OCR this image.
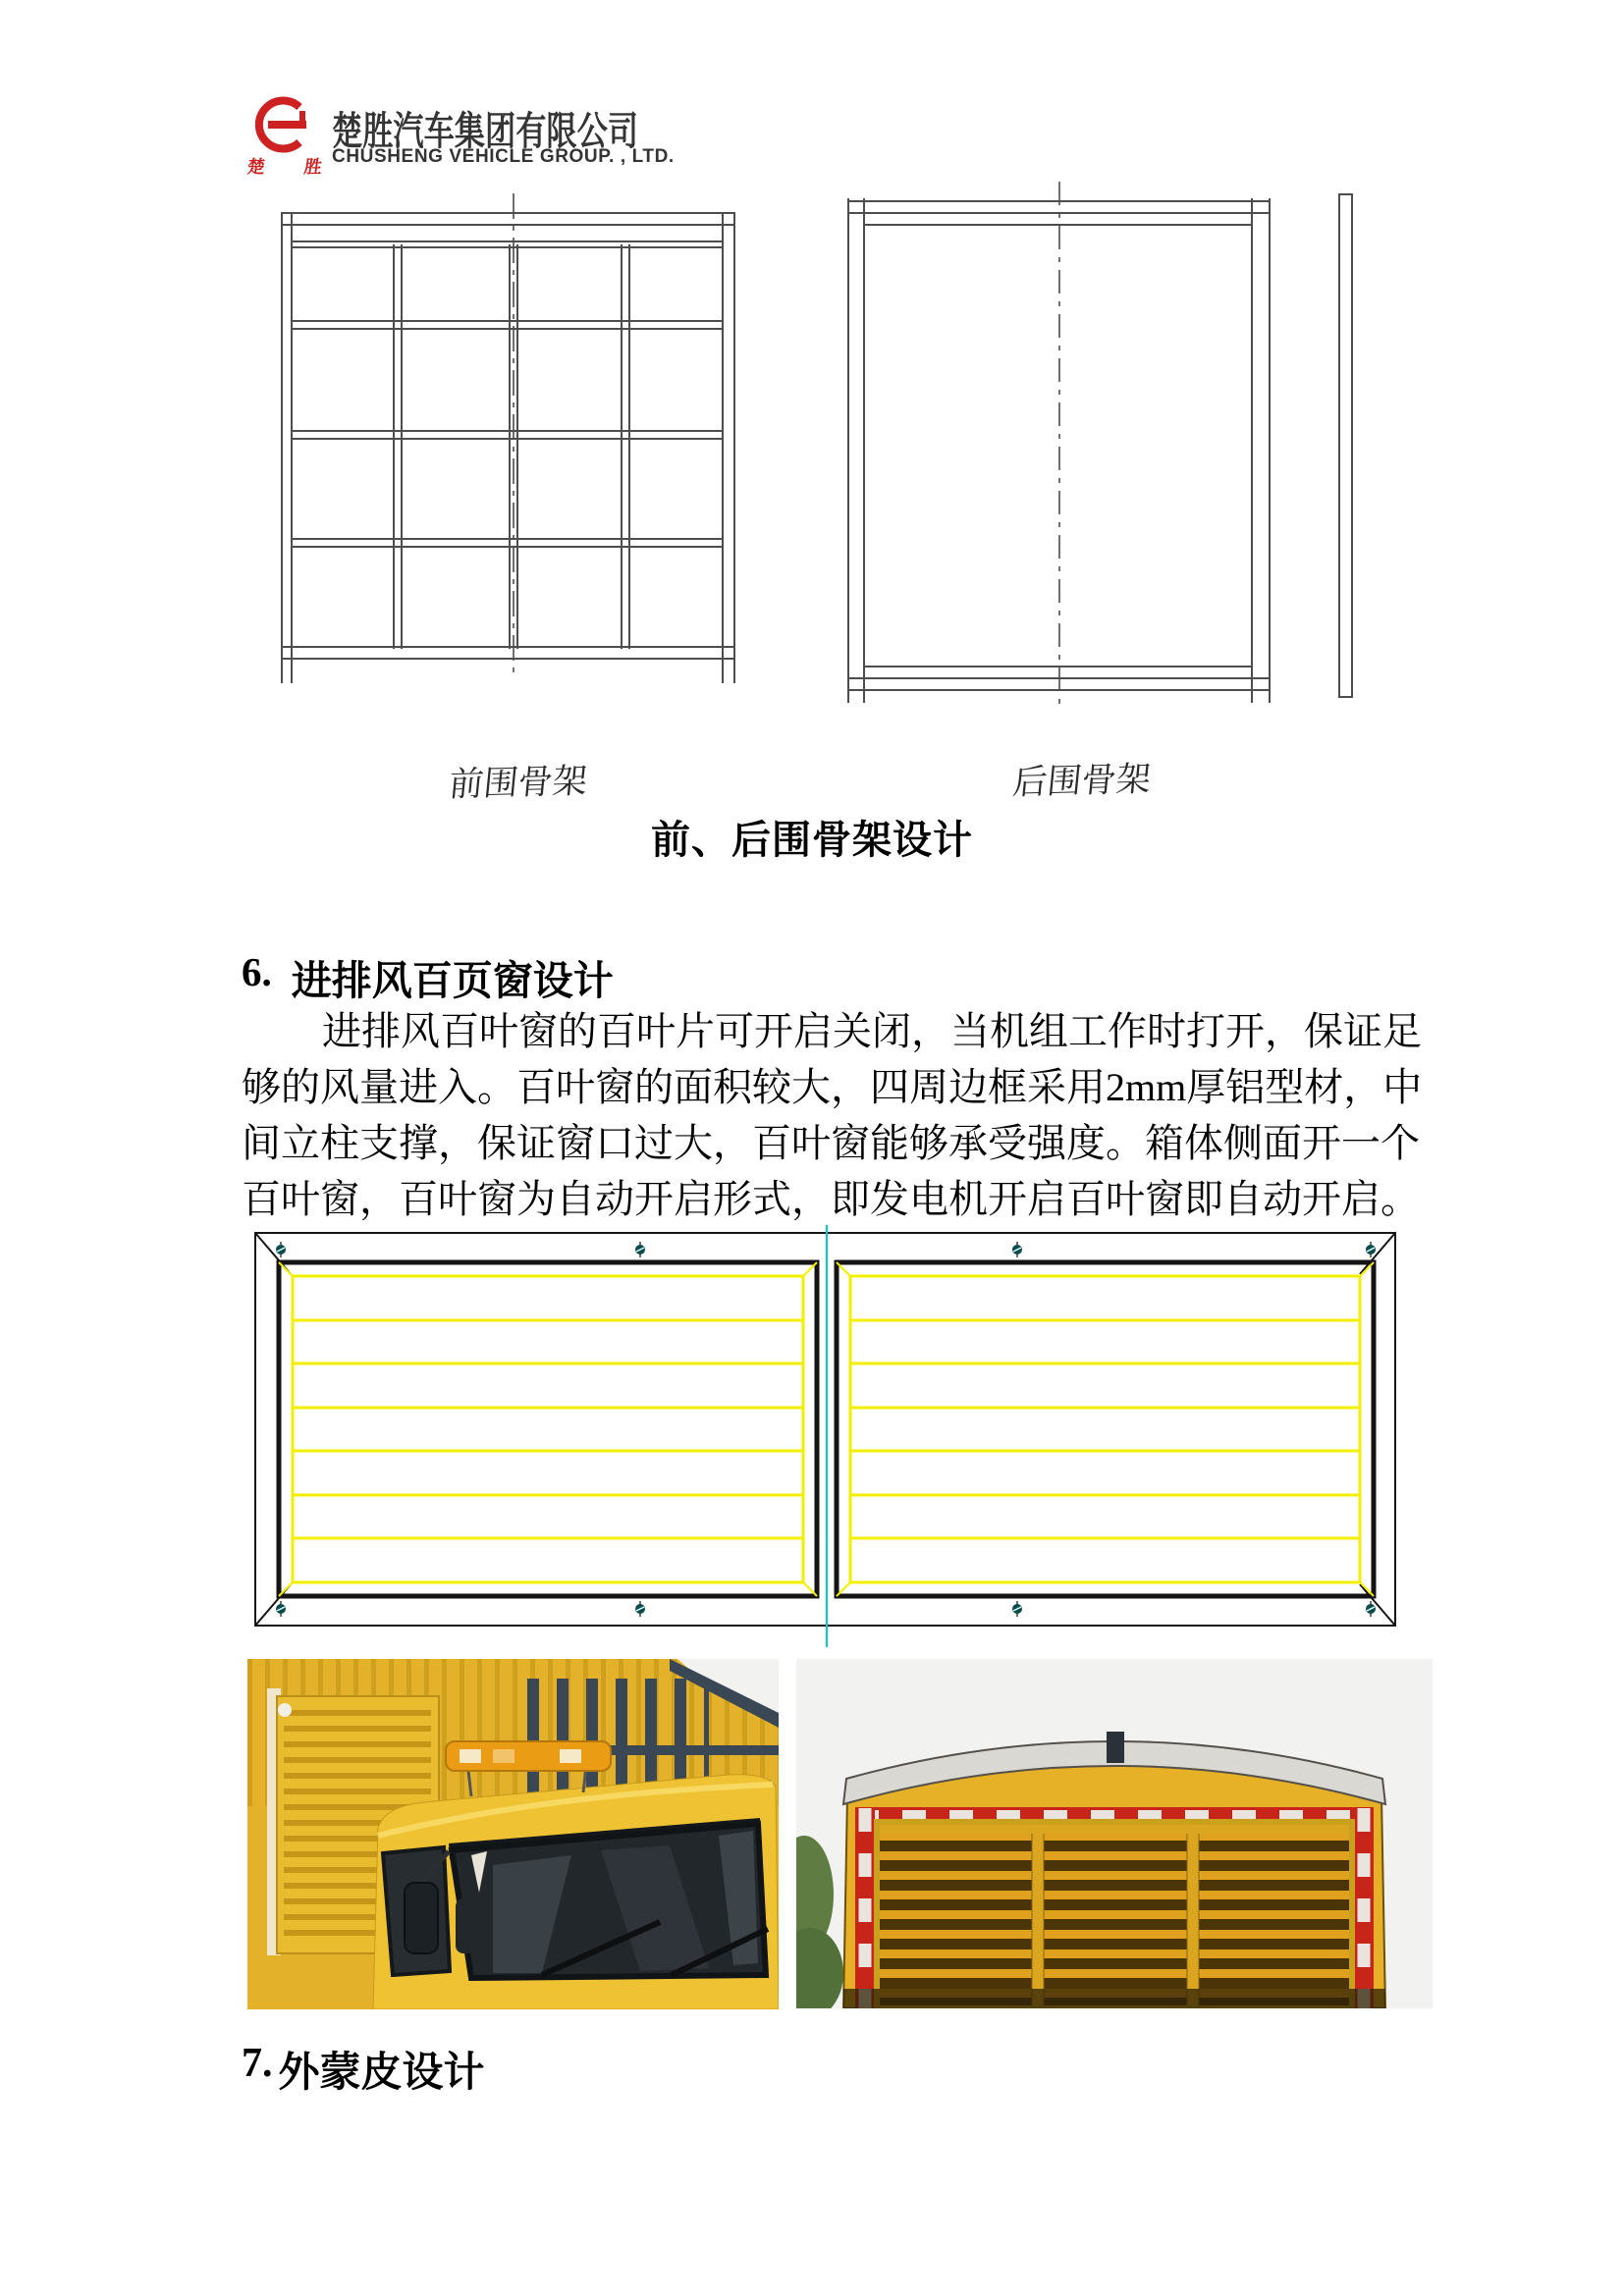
楚 胜
楚胜汽车集团有限公司
CHUSHENG VEHICLE GROUP. , LTD.
前围骨架	后围骨架
前、后围骨架设计
6. 进排风百页窗设计
进排风百叶窗的百叶片可开启关闭，当机组工作时打开，保证足
够的风量进入。百叶窗的面积较大，四周边框采用2mm厚铝型材，中
间立柱支撑，保证窗口过大，百叶窗能够承受强度。箱体侧面开一个
百叶窗，百叶窗为自动开启形式，即发电机开启百叶窗即自动开启。
7. 外蒙皮设计
